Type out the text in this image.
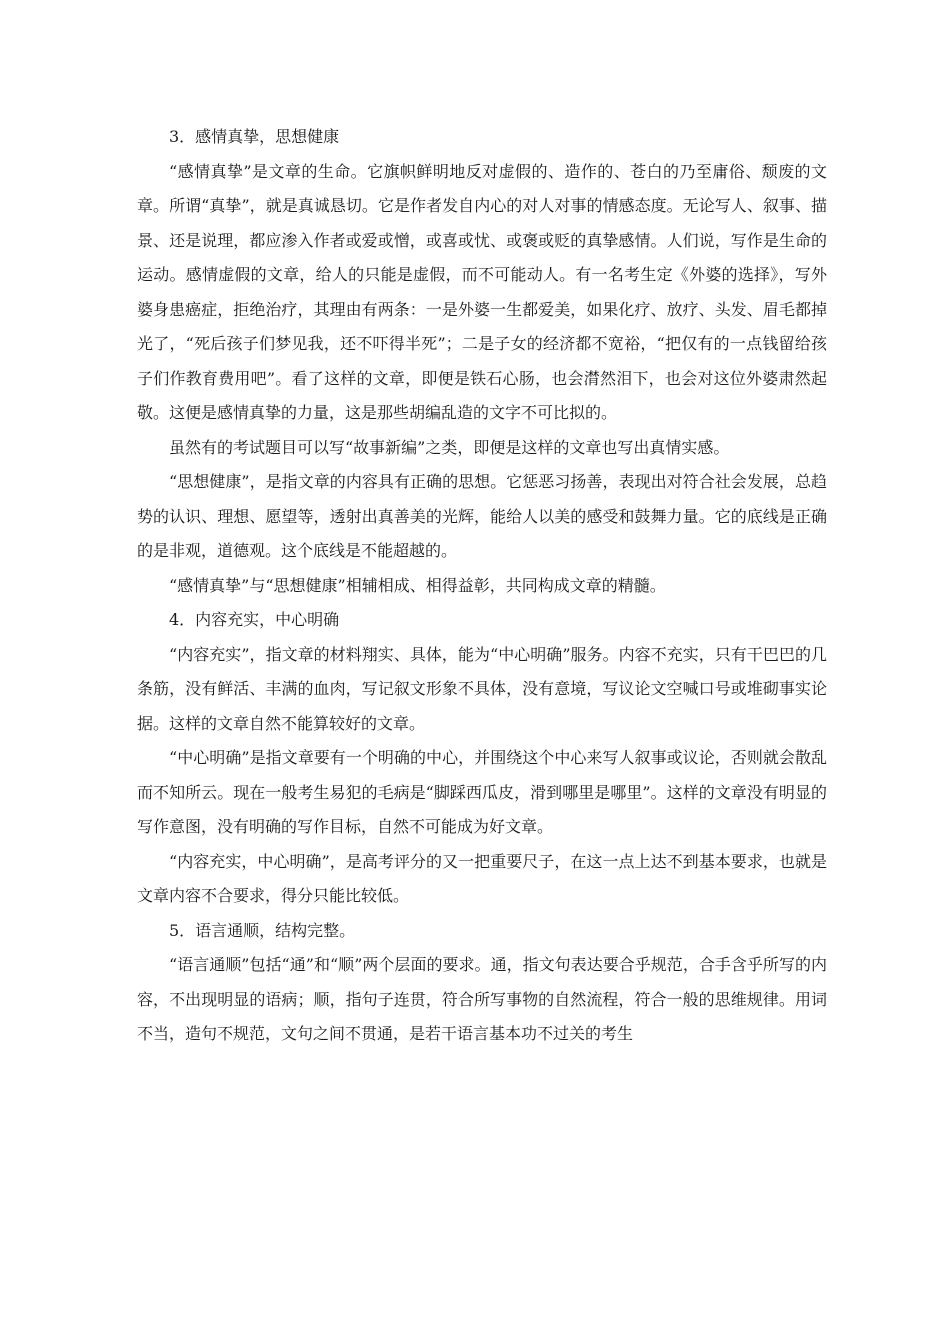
3．感情真挚，思想健康

“感情真挚”是文章的生命。它旗帜鲜明地反对虚假的、造作的、苍白的乃至庸俗、颓废的文章。所谓“真挚”，就是真诚恳切。它是作者发自内心的对人对事的情感态度。无论写人、叙事、描景、还是说理，都应渗入作者或爱或憎，或喜或忧、或褒或贬的真挚感情。人们说，写作是生命的运动。感情虚假的文章，给人的只能是虚假，而不可能动人。有一名考生定《外婆的选择》，写外婆身患癌症，拒绝治疗，其理由有两条：一是外婆一生都爱美，如果化疗、放疗、头发、眉毛都掉光了，“死后孩子们梦见我，还不吓得半死”；二是子女的经济都不宽裕，“把仅有的一点钱留给孩子们作教育费用吧”。看了这样的文章，即便是铁石心肠，也会潸然泪下，也会对这位外婆肃然起敬。这便是感情真挚的力量，这是那些胡编乱造的文字不可比拟的。

虽然有的考试题目可以写“故事新编”之类，即便是这样的文章也写出真情实感。

“思想健康”，是指文章的内容具有正确的思想。它惩恶习扬善，表现出对符合社会发展，总趋势的认识、理想、愿望等，透射出真善美的光辉，能给人以美的感受和鼓舞力量。它的底线是正确的是非观，道德观。这个底线是不能超越的。

“感情真挚”与“思想健康”相辅相成、相得益彰，共同构成文章的精髓。

4．内容充实，中心明确

“内容充实”，指文章的材料翔实、具体，能为“中心明确”服务。内容不充实，只有干巴巴的几条筋，没有鲜活、丰满的血肉，写记叙文形象不具体，没有意境，写议论文空喊口号或堆砌事实论据。这样的文章自然不能算较好的文章。

“中心明确”是指文章要有一个明确的中心，并围绕这个中心来写人叙事或议论，否则就会散乱而不知所云。现在一般考生易犯的毛病是“脚踩西瓜皮，滑到哪里是哪里”。这样的文章没有明显的写作意图，没有明确的写作目标，自然不可能成为好文章。

“内容充实，中心明确”，是高考评分的又一把重要尺子，在这一点上达不到基本要求，也就是文章内容不合要求，得分只能比较低。

5．语言通顺，结构完整。

“语言通顺”包括“通”和“顺”两个层面的要求。通，指文句表达要合乎规范，合手含乎所写的内容，不出现明显的语病；顺，指句子连贯，符合所写事物的自然流程，符合一般的思维规律。用词不当，造句不规范，文句之间不贯通，是若干语言基本功不过关的考生
